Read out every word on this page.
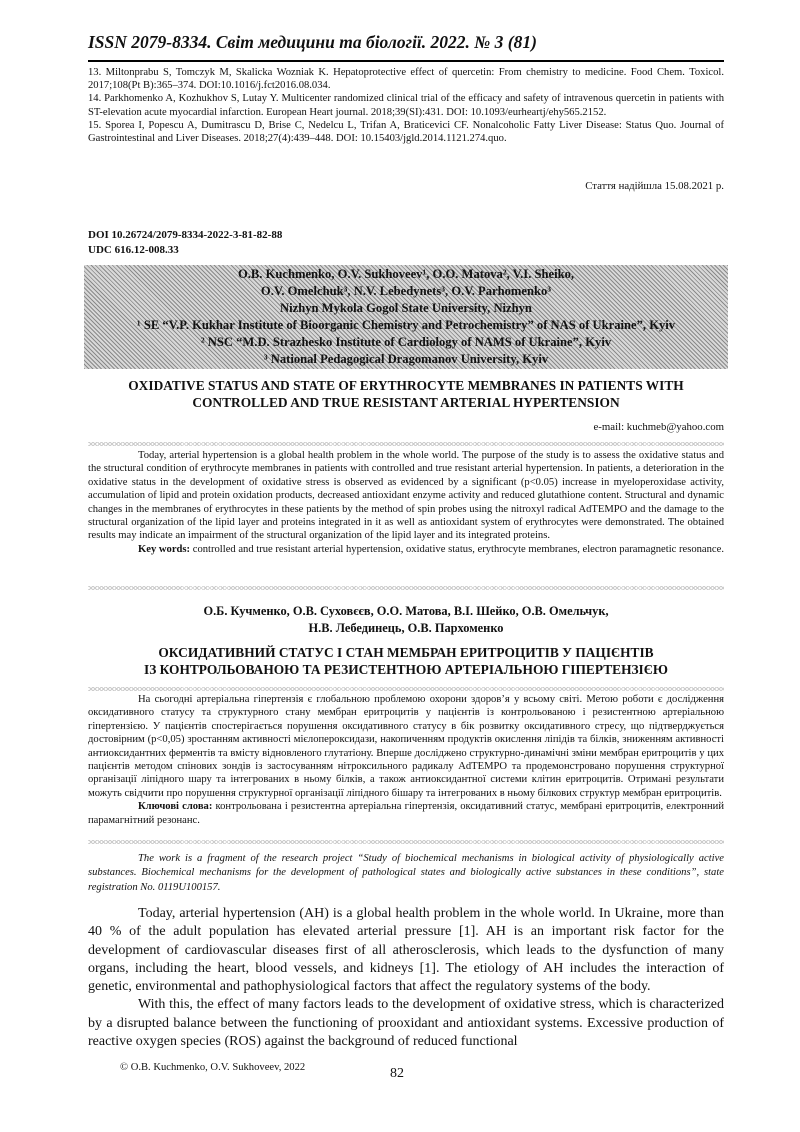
ISSN 2079-8334. Світ медицини та біології. 2022. № 3 (81)

13. Miltonprabu S, Tomczyk M, Skalicka Wozniak K. Hepatoprotective effect of quercetin: From chemistry to medicine. Food Chem. Toxicol. 2017;108(Pt B):365–374. DOI:10.1016/j.fct2016.08.034.

14. Parkhomenko A, Kozhukhov S, Lutay Y. Multicenter randomized clinical trial of the efficacy and safety of intravenous quercetin in patients with ST-elevation acute myocardial infarction. European Heart journal. 2018;39(SI):431. DOI: 10.1093/eurheartj/ehy565.2152.

15. Sporea I, Popescu A, Dumitrascu D, Brise C, Nedelcu L, Trifan A, Braticevici CF. Nonalcoholic Fatty Liver Disease: Status Quo. Journal of Gastrointestinal and Liver Diseases. 2018;27(4):439–448. DOI: 10.15403/jgld.2014.1121.274.quo.

Стаття надійшла 15.08.2021 р.
DOI 10.26724/2079-8334-2022-3-81-82-88
UDC 616.12-008.33
O.B. Kuchmenko, O.V. Sukhoveev¹, O.O. Matova², V.I. Sheiko,
O.V. Omelchuk³, N.V. Lebedynets³, O.V. Parhomenko³
Nizhyn Mykola Gogol State University, Nizhyn
¹ SE “V.P. Kukhar Institute of Bioorganic Chemistry and Petrochemistry” of NAS of Ukraine”, Kyiv
² NSC “M.D. Strazhesko Institute of Cardiology of NAMS of Ukraine”, Kyiv
³ National Pedagogical Dragomanov University, Kyiv
OXIDATIVE STATUS AND STATE OF ERYTHROCYTE MEMBRANES IN PATIENTS WITH
CONTROLLED AND TRUE RESISTANT ARTERIAL HYPERTENSION
e-mail: kuchmeb@yahoo.com

Today, arterial hypertension is a global health problem in the whole world. The purpose of the study is to assess the oxidative status and the structural condition of erythrocyte membranes in patients with controlled and true resistant arterial hypertension. In patients, a deterioration in the oxidative status in the development of oxidative stress is observed as evidenced by a significant (p<0.05) increase in myeloperoxidase activity, accumulation of lipid and protein oxidation products, decreased antioxidant enzyme activity and reduced glutathione content. Structural and dynamic changes in the membranes of erythrocytes in these patients by the method of spin probes using the nitroxyl radical AdTEMPO and the damage to the structural organization of the lipid layer and proteins integrated in it as well as antioxidant system of erythrocytes were demonstrated. The obtained results may indicate an impairment of the structural organization of the lipid layer and its integrated proteins.

Key words: controlled and true resistant arterial hypertension, oxidative status, erythrocyte membranes, electron paramagnetic resonance.

О.Б. Кучменко, О.В. Суховєєв, О.О. Матова, В.І. Шейко, О.В. Омельчук,
Н.В. Лебединець, О.В. Пархоменко
ОКСИДАТИВНИЙ СТАТУС І СТАН МЕМБРАН ЕРИТРОЦИТІВ У ПАЦІЄНТІВ
ІЗ КОНТРОЛЬОВАНОЮ ТА РЕЗИСТЕНТНОЮ АРТЕРІАЛЬНОЮ ГІПЕРТЕНЗІЄЮ

На сьогодні артеріальна гіпертензія є глобальною проблемою охорони здоров’я у всьому світі. Метою роботи є дослідження оксидативного статусу та структурного стану мембран еритроцитів у пацієнтів із контрольованою і резистентною артеріальною гіпертензією. У пацієнтів спостерігається порушення оксидативного статусу в бік розвитку оксидативного стресу, що підтверджується достовірним (p<0,05) зростанням активності мієлопероксидази, накопиченням продуктів окислення ліпідів та білків, зниженням активності антиоксидантних ферментів та вмісту відновленого глутатіону. Вперше досліджено структурно-динамічні зміни мембран еритроцитів у цих пацієнтів методом спінових зондів із застосуванням нітроксильного радикалу AdTEMPO та продемонстровано порушення структурної організації ліпідного шару та інтегрованих в ньому білків, а також антиоксидантної системи клітин еритроцитів. Отримані результати можуть свідчити про порушення структурної організації ліпідного бішару та інтегрованих в ньому білкових структур мембран еритроцитів.

Ключові слова: контрольована і резистентна артеріальна гіпертензія, оксидативний статус, мембрані еритроцитів, електронний парамагнітний резонанс.

The work is a fragment of the research project “Study of biochemical mechanisms in biological activity of physiologically active substances. Biochemical mechanisms for the development of pathological states and biologically active substances in these conditions”, state registration No. 0119U100157.

Today, arterial hypertension (AH) is a global health problem in the whole world. In Ukraine, more than 40 % of the adult population has elevated arterial pressure [1]. AH is an important risk factor for the development of cardiovascular diseases first of all atherosclerosis, which leads to the dysfunction of many organs, including the heart, blood vessels, and kidneys [1]. The etiology of AH includes the interaction of genetic, environmental and pathophysiological factors that affect the regulatory systems of the body.

With this, the effect of many factors leads to the development of oxidative stress, which is characterized by a disrupted balance between the functioning of prooxidant and antioxidant systems. Excessive production of reactive oxygen species (ROS) against the background of reduced functional

© O.B. Kuchmenko, O.V. Sukhoveev, 2022	82
